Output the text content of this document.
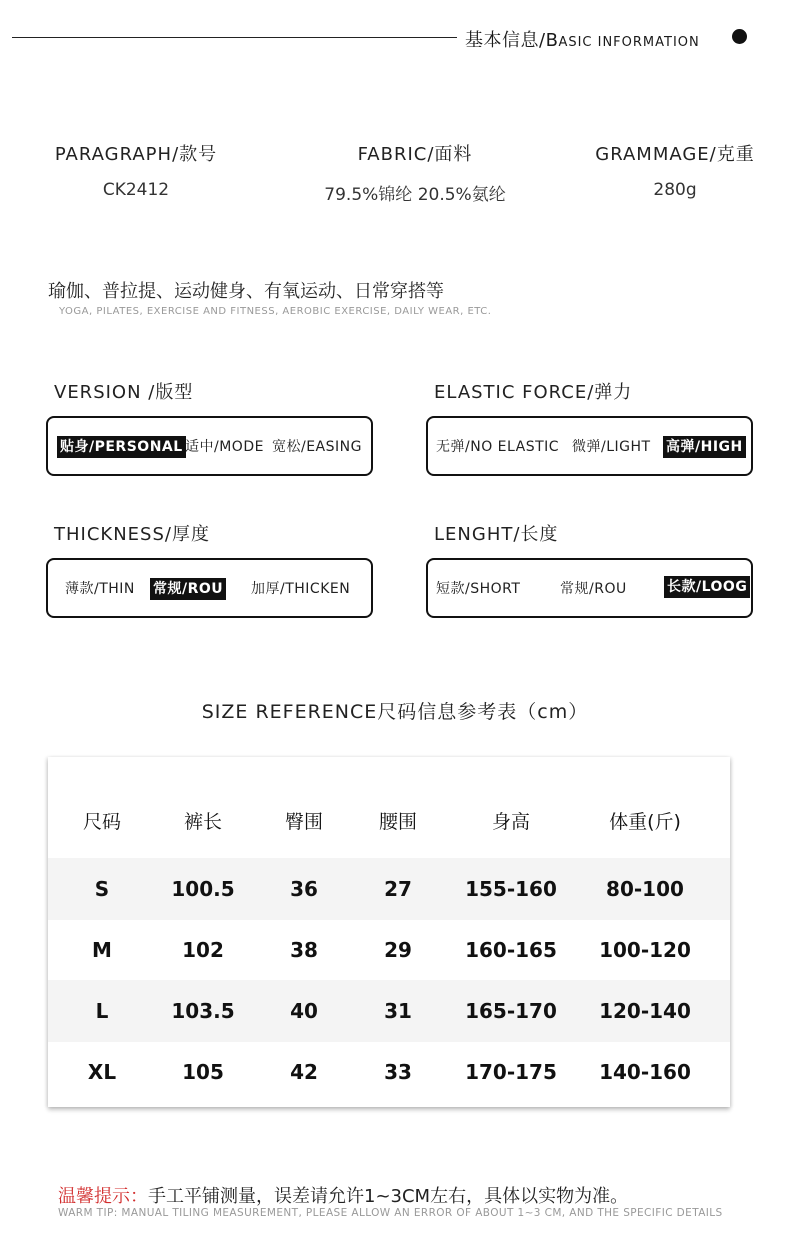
基本信息/BASIC INFORMATION
PARAGRAPH/款号
CK2412
FABRIC/面料
79.5%锦纶 20.5%氨纶
GRAMMAGE/克重
280g
瑜伽、普拉提、运动健身、有氧运动、日常穿搭等
YOGA, PILATES, EXERCISE AND FITNESS, AEROBIC EXERCISE, DAILY WEAR, ETC.
VERSION /版型
贴身/PERSONAL 适中/MODE 宽松/EASING
ELASTIC FORCE/弹力
无弹/NO ELASTIC 微弹/LIGHT 高弹/HIGH
THICKNESS/厚度
薄款/THIN 常规/ROU 加厚/THICKEN
LENGHT/长度
短款/SHORT	常规/ROU	长款/LOOG
SIZE REFERENCE尺码信息参考表（cm）
尺码	裤长	臀围	腰围	身高	体重(斤)
S	100.5	36	27	155-160	80-100
M	102	38	29	160-165	100-120
L	103.5	40	31	165-170	120-140
XL	105	42	33	170-175	140-160
温馨提示：手工平铺测量，误差请允许1~3CM左右，具体以实物为准。
WARM TIP: MANUAL TILING MEASUREMENT, PLEASE ALLOW AN ERROR OF ABOUT 1~3 CM, AND THE SPECIFIC DETAILS
